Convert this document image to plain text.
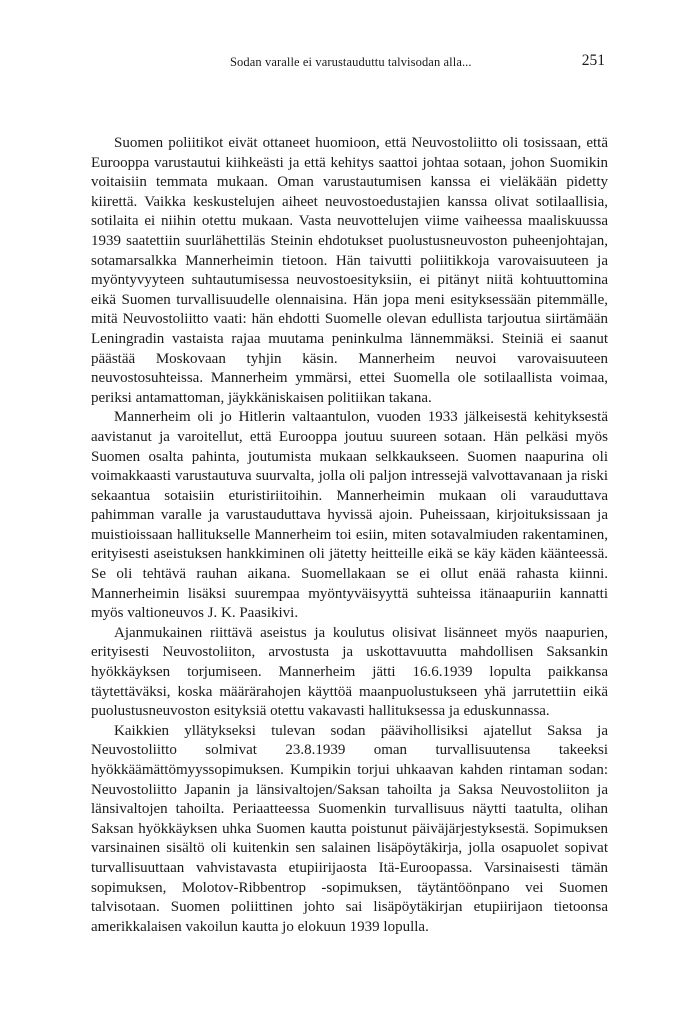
Sodan varalle ei varustauduttu talvisodan alla...	251

Suomen poliitikot eivät ottaneet huomioon, että Neuvostoliitto oli tosissaan, että Eurooppa varustautui kiihkeästi ja että kehitys saattoi johtaa sotaan, johon Suomikin voitaisiin temmata mukaan. Oman varustautumisen kanssa ei vieläkään pidetty kiirettä. Vaikka keskustelujen aiheet neuvostoedustajien kanssa olivat sotilaallisia, sotilaita ei niihin otettu mukaan. Vasta neuvottelujen viime vaiheessa maaliskuussa 1939 saatettiin suurlähettiläs Steinin ehdotukset puolustusneuvoston puheenjohtajan, sotamarsalkka Mannerheimin tietoon. Hän taivutti poliitikkoja varovaisuuteen ja myöntyvyyteen suhtautumisessa neuvostoesityksiin, ei pitänyt niitä kohtuuttomina eikä Suomen turvallisuudelle olennaisina. Hän jopa meni esityksessään pitemmälle, mitä Neuvostoliitto vaati: hän ehdotti Suomelle olevan edullista tarjoutua siirtämään Leningradin vastaista rajaa muutama peninkulma lännemmäksi. Steiniä ei saanut päästää Moskovaan tyhjin käsin. Mannerheim neuvoi varovaisuuteen neuvostosuhteissa. Mannerheim ymmärsi, ettei Suomella ole sotilaallista voimaa, periksi antamattoman, jäykkäniskaisen politiikan takana.

Mannerheim oli jo Hitlerin valtaantulon, vuoden 1933 jälkeisestä kehityksestä aavistanut ja varoitellut, että Eurooppa joutuu suureen sotaan. Hän pelkäsi myös Suomen osalta pahinta, joutumista mukaan selkkaukseen. Suomen naapurina oli voimakkaasti varustautuva suurvalta, jolla oli paljon intressejä valvottavanaan ja riski sekaantua sotaisiin eturistiriitoihin. Mannerheimin mukaan oli varauduttava pahimman varalle ja varustauduttava hyvissä ajoin. Puheissaan, kirjoituksissaan ja muistioissaan hallitukselle Mannerheim toi esiin, miten sotavalmiuden rakentaminen, erityisesti aseistuksen hankkiminen oli jätetty heitteille eikä se käy käden käänteessä. Se oli tehtävä rauhan aikana. Suomellakaan se ei ollut enää rahasta kiinni. Mannerheimin lisäksi suurempaa myöntyväisyyttä suhteissa itänaapuriin kannatti myös valtioneuvos J. K. Paasikivi.

Ajanmukainen riittävä aseistus ja koulutus olisivat lisänneet myös naapurien, erityisesti Neuvostoliiton, arvostusta ja uskottavuutta mahdollisen Saksankin hyökkäyksen torjumiseen. Mannerheim jätti 16.6.1939 lopulta paikkansa täytettäväksi, koska määrärahojen käyttöä maanpuolustukseen yhä jarrutettiin eikä puolustusneuvoston esityksiä otettu vakavasti hallituksessa ja eduskunnassa.

Kaikkien yllätykseksi tulevan sodan päävihollisiksi ajatellut Saksa ja Neuvostoliitto solmivat 23.8.1939 oman turvallisuutensa takeeksi hyökkäämättömyyssopimuksen. Kumpikin torjui uhkaavan kahden rintaman sodan: Neuvostoliitto Japanin ja länsivaltojen/Saksan tahoilta ja Saksa Neuvostoliiton ja länsivaltojen tahoilta. Periaatteessa Suomenkin turvallisuus näytti taatulta, olihan Saksan hyökkäyksen uhka Suomen kautta poistunut päiväjärjestyksestä. Sopimuksen varsinainen sisältö oli kuitenkin sen salainen lisäpöytäkirja, jolla osapuolet sopivat turvallisuuttaan vahvistavasta etupiirijaosta Itä-Euroopassa. Varsinaisesti tämän sopimuksen, Molotov-Ribbentrop -sopimuksen, täytäntöönpano vei Suomen talvisotaan. Suomen poliittinen johto sai lisäpöytäkirjan etupiirijaon tietoonsa amerikkalaisen vakoilun kautta jo elokuun 1939 lopulla.
